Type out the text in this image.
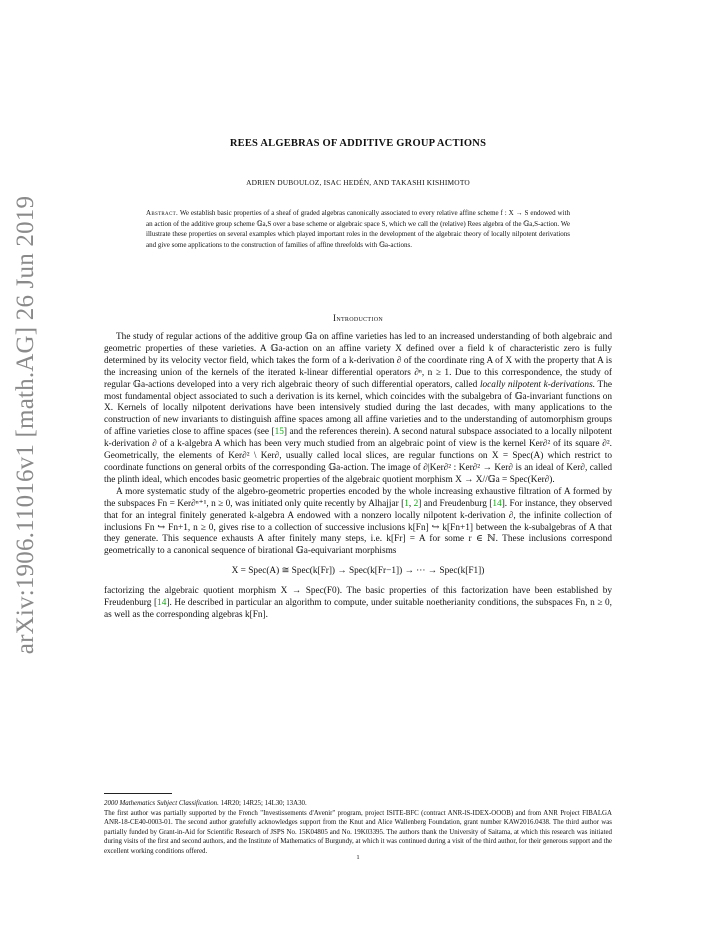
arXiv:1906.11016v1 [math.AG] 26 Jun 2019
REES ALGEBRAS OF ADDITIVE GROUP ACTIONS
ADRIEN DUBOULOZ, ISAC HEDÉN, AND TAKASHI KISHIMOTO
Abstract. We establish basic properties of a sheaf of graded algebras canonically associated to every relative affine scheme f : X → S endowed with an action of the additive group scheme 𝔾a,S over a base scheme or algebraic space S, which we call the (relative) Rees algebra of the 𝔾a,S-action. We illustrate these properties on several examples which played important roles in the development of the algebraic theory of locally nilpotent derivations and give some applications to the construction of families of affine threefolds with 𝔾a-actions.
Introduction

The study of regular actions of the additive group 𝔾a on affine varieties has led to an increased understanding of both algebraic and geometric properties of these varieties. A 𝔾a-action on an affine variety X defined over a field k of characteristic zero is fully determined by its velocity vector field, which takes the form of a k-derivation ∂ of the coordinate ring A of X with the property that A is the increasing union of the kernels of the iterated k-linear differential operators ∂ⁿ, n ≥ 1. Due to this correspondence, the study of regular 𝔾a-actions developed into a very rich algebraic theory of such differential operators, called locally nilpotent k-derivations. The most fundamental object associated to such a derivation is its kernel, which coincides with the subalgebra of 𝔾a-invariant functions on X. Kernels of locally nilpotent derivations have been intensively studied during the last decades, with many applications to the construction of new invariants to distinguish affine spaces among all affine varieties and to the understanding of automorphism groups of affine varieties close to affine spaces (see [15] and the references therein). A second natural subspace associated to a locally nilpotent k-derivation ∂ of a k-algebra A which has been very much studied from an algebraic point of view is the kernel Ker∂² of its square ∂². Geometrically, the elements of Ker∂² \ Ker∂, usually called local slices, are regular functions on X = Spec(A) which restrict to coordinate functions on general orbits of the corresponding 𝔾a-action. The image of ∂|Ker∂² : Ker∂² → Ker∂ is an ideal of Ker∂, called the plinth ideal, which encodes basic geometric properties of the algebraic quotient morphism X → X//𝔾a = Spec(Ker∂).

A more systematic study of the algebro-geometric properties encoded by the whole increasing exhaustive filtration of A formed by the subspaces Fn = Ker∂ⁿ⁺¹, n ≥ 0, was initiated only quite recently by Alhajjar [1, 2] and Freudenburg [14]. For instance, they observed that for an integral finitely generated k-algebra A endowed with a nonzero locally nilpotent k-derivation ∂, the infinite collection of inclusions Fn ↪ Fn+1, n ≥ 0, gives rise to a collection of successive inclusions k[Fn] ↪ k[Fn+1] between the k-subalgebras of A that they generate. This sequence exhausts A after finitely many steps, i.e. k[Fr] = A for some r ∈ ℕ. These inclusions correspond geometrically to a canonical sequence of birational 𝔾a-equivariant morphisms

X = Spec(A) ≅ Spec(k[Fr]) → Spec(k[Fr−1]) → ··· → Spec(k[F1])

factorizing the algebraic quotient morphism X → Spec(F0). The basic properties of this factorization have been established by Freudenburg [14]. He described in particular an algorithm to compute, under suitable noetherianity conditions, the subspaces Fn, n ≥ 0, as well as the corresponding algebras k[Fn].

2000 Mathematics Subject Classification. 14R20; 14R25; 14L30; 13A30.

The first author was partially supported by the French "Investissements d'Avenir" program, project ISITE-BFC (contract ANR-lS-IDEX-OOOB) and from ANR Project FIBALGA ANR-18-CE40-0003-01. The second author gratefully acknowledges support from the Knut and Alice Wallenberg Foundation, grant number KAW2016.0438. The third author was partially funded by Grant-in-Aid for Scientific Research of JSPS No. 15K04805 and No. 19K03395. The authors thank the University of Saitama, at which this research was initiated during visits of the first and second authors, and the Institute of Mathematics of Burgundy, at which it was continued during a visit of the third author, for their generous support and the excellent working conditions offered.

1
